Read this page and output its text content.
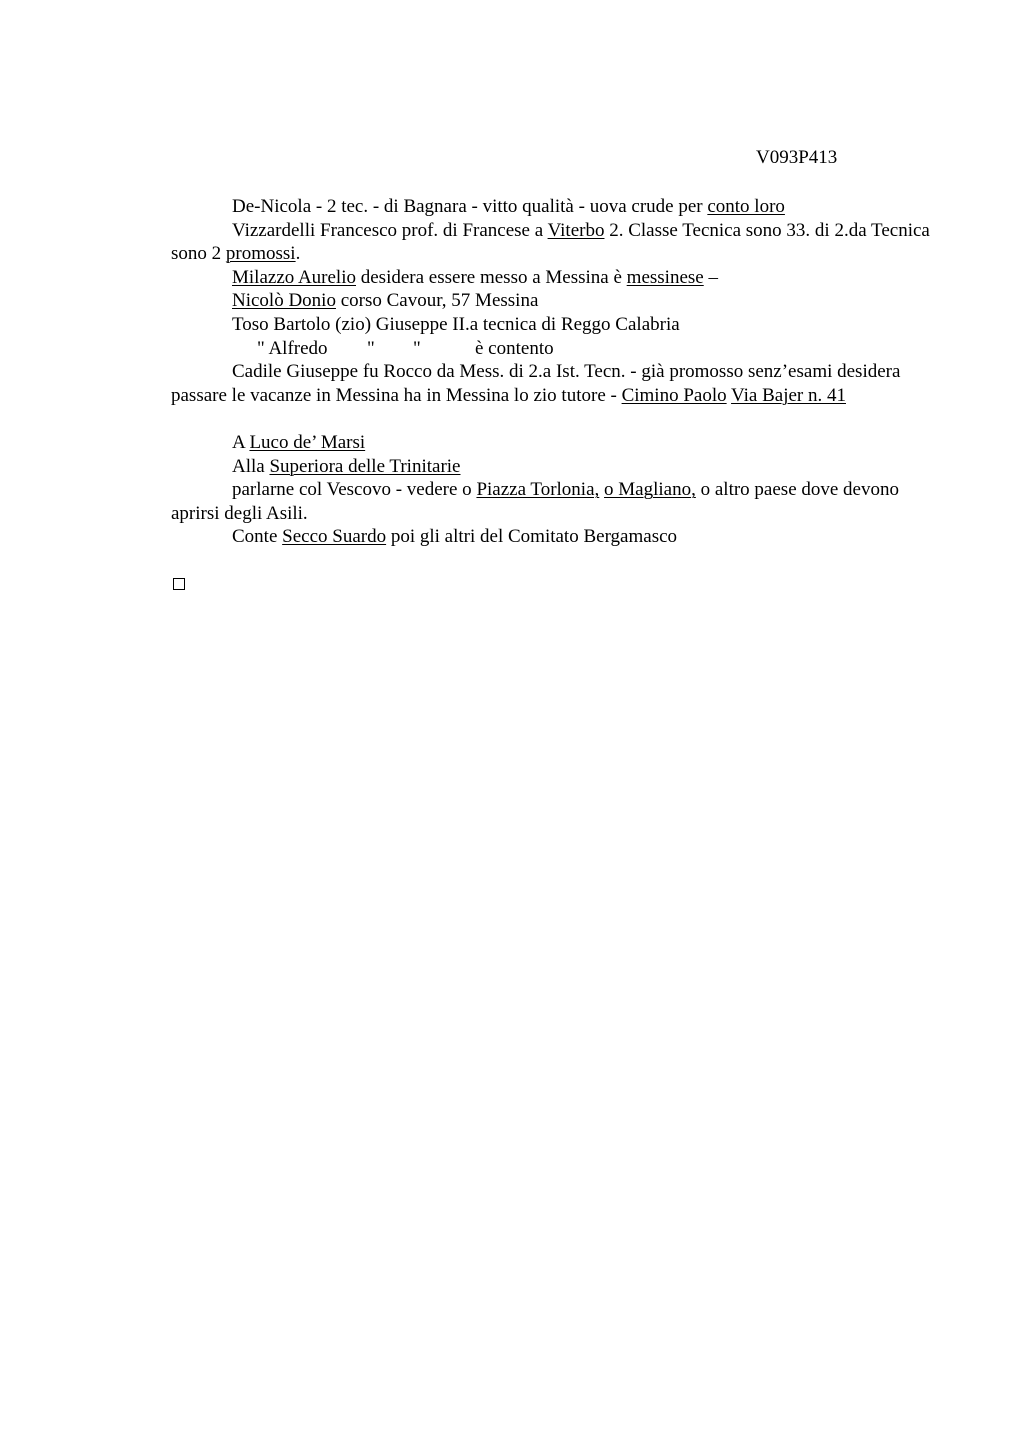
V093P413

De-Nicola - 2 tec. - di Bagnara - vitto qualità - uova crude per conto loro

Vizzardelli Francesco prof. di Francese a Viterbo 2. Classe Tecnica sono 33. di 2.da Tecnica sono 2 promossi.

Milazzo Aurelio desidera essere messo a Messina è messinese –

Nicolò Donio corso Cavour, 57 Messina

Toso Bartolo (zio) Giuseppe II.a tecnica di Reggo Calabria

" Alfredo " "	è contento

Cadile Giuseppe fu Rocco da Mess. di 2.a Ist. Tecn. - già promosso senz’esami desidera passare le vacanze in Messina ha in Messina lo zio tutore - Cimino Paolo Via Bajer n. 41

A Luco de’ Marsi

Alla Superiora delle Trinitarie

parlarne col Vescovo - vedere o Piazza Torlonia, o Magliano, o altro paese dove devono aprirsi degli Asili.

Conte Secco Suardo poi gli altri del Comitato Bergamasco
